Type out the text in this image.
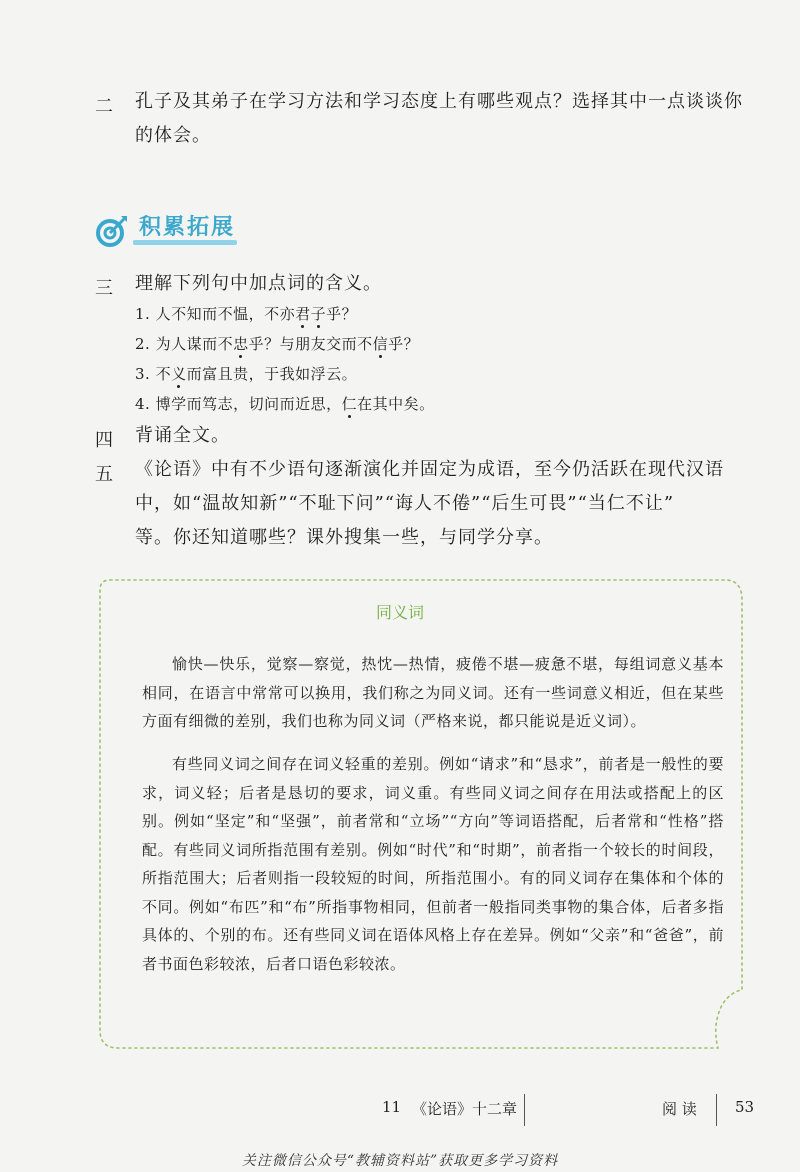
二 孔子及其弟子在学习方法和学习态度上有哪些观点？选择其中一点谈谈你
的体会。
积累拓展
三 理解下列句中加点词的含义。
1. 人不知而不愠，不亦君子乎？
2. 为人谋而不忠乎？与朋友交而不信乎？
3. 不义而富且贵，于我如浮云。
4. 博学而笃志，切问而近思，仁在其中矣。
四 背诵全文。
五 《论语》中有不少语句逐渐演化并固定为成语，至今仍活跃在现代汉语
中，如“温故知新”“不耻下问”“诲人不倦”“后生可畏”“当仁不让”
等。你还知道哪些？课外搜集一些，与同学分享。
同义词
愉快—快乐，觉察—察觉，热忱—热情，疲倦不堪—疲惫不堪，每组词意义基本相同，在语言中常常可以换用，我们称之为同义词。还有一些词意义相近，但在某些方面有细微的差别，我们也称为同义词（严格来说，都只能说是近义词）。
有些同义词之间存在词义轻重的差别。例如“请求”和“恳求”，前者是一般性的要求，词义轻；后者是恳切的要求，词义重。有些同义词之间存在用法或搭配上的区别。例如“坚定”和“坚强”，前者常和“立场”“方向”等词语搭配，后者常和“性格”搭配。有些同义词所指范围有差别。例如“时代”和“时期”，前者指一个较长的时间段，所指范围大；后者则指一段较短的时间，所指范围小。有的同义词存在集体和个体的不同。例如“布匹”和“布”所指事物相同，但前者一般指同类事物的集合体，后者多指具体的、个别的布。还有些同义词在语体风格上存在差异。例如“父亲”和“爸爸”，前者书面色彩较浓，后者口语色彩较浓。
11 《论语》十二章	阅 读	53
关注微信公众号“教辅资料站”获取更多学习资料
